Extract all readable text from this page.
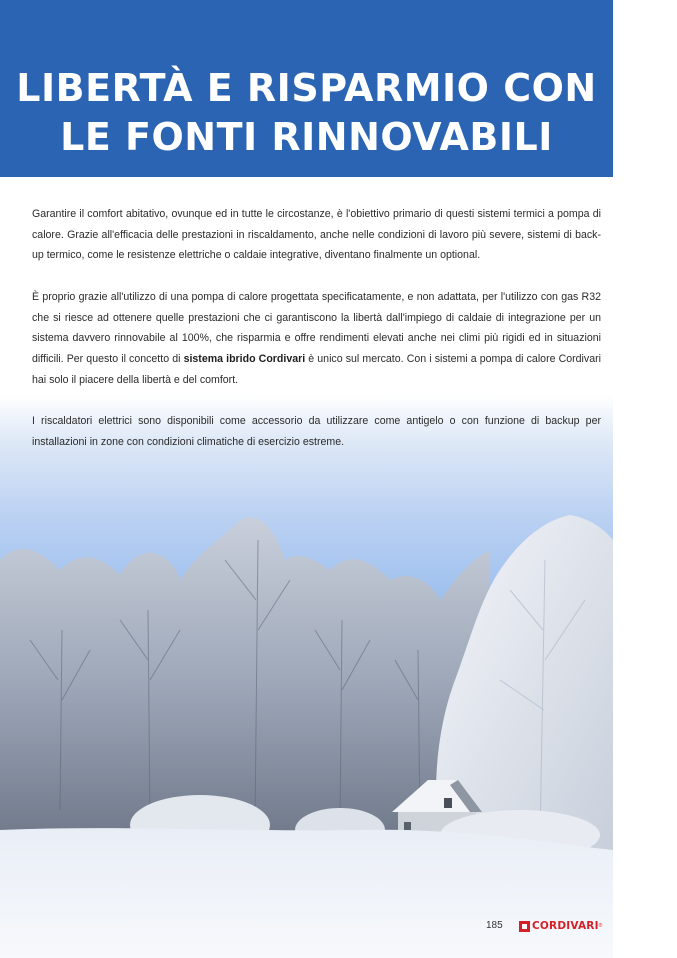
LIBERTÀ E RISPARMIO CON
LE FONTI RINNOVABILI

Garantire il comfort abitativo, ovunque ed in tutte le circostanze, è l'obiettivo primario di questi sistemi termici a pompa di calore. Grazie all'efficacia delle prestazioni in riscaldamento, anche nelle condizioni di lavoro più severe, sistemi di back-up termico, come le resistenze elettriche o caldaie integrative, diventano finalmente un optional.

È proprio grazie all'utilizzo di una pompa di calore progettata specificatamente, e non adattata, per l'utilizzo con gas R32 che si riesce ad ottenere quelle prestazioni che ci garantiscono la libertà dall'impiego di caldaie di integrazione per un sistema davvero rinnovabile al 100%, che risparmia e offre rendimenti elevati anche nei climi più rigidi ed in situazioni difficili. Per questo il concetto di sistema ibrido Cordivari è unico sul mercato. Con i sistemi a pompa di calore Cordivari hai solo il piacere della libertà e del comfort.

I riscaldatori elettrici sono disponibili come accessorio da utilizzare come antigelo o con funzione di backup per installazioni in zone con condizioni climatiche di esercizio estreme.

185	CORDIVARI ®
